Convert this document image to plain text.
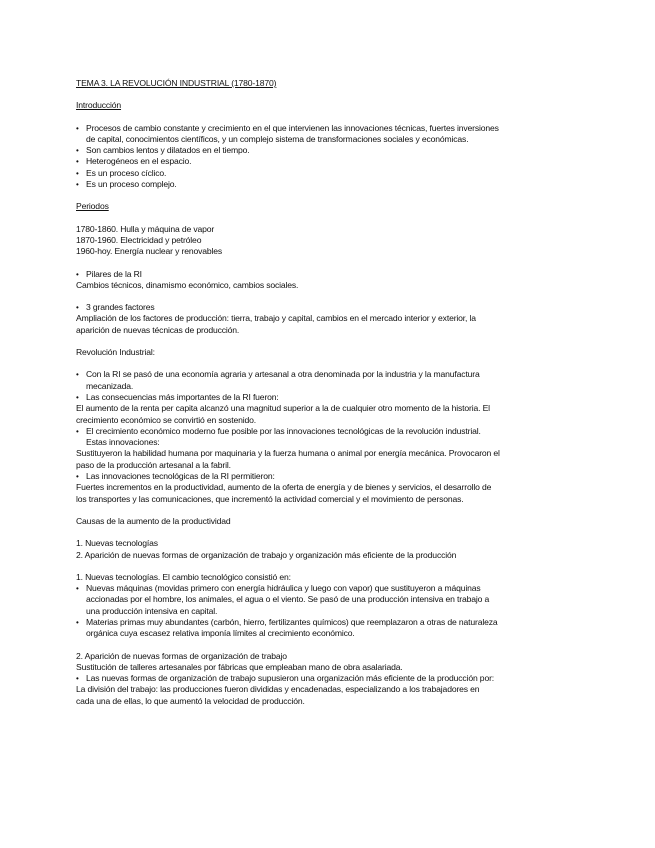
TEMA 3. LA REVOLUCIÓN INDUSTRIAL (1780-1870)
Introducción
• Procesos de cambio constante y crecimiento en el que intervienen las innovaciones técnicas, fuertes inversiones
de capital, conocimientos científicos, y un complejo sistema de transformaciones sociales y económicas.
• Son cambios lentos y dilatados en el tiempo.
• Heterogéneos en el espacio.
• Es un proceso cíclico.
• Es un proceso complejo.
Periodos
1780-1860. Hulla y máquina de vapor
1870-1960. Electricidad y petróleo
1960-hoy. Energía nuclear y renovables
• Pilares de la RI
Cambios técnicos, dinamismo económico, cambios sociales.
• 3 grandes factores
Ampliación de los factores de producción: tierra, trabajo y capital, cambios en el mercado interior y exterior, la
aparición de nuevas técnicas de producción.
Revolución Industrial:
• Con la RI se pasó de una economía agraria y artesanal a otra denominada por la industria y la manufactura
mecanizada.
• Las consecuencias más importantes de la RI fueron:
El aumento de la renta per capita alcanzó una magnitud superior a la de cualquier otro momento de la historia. El
crecimiento económico se convirtió en sostenido.
• El crecimiento económico moderno fue posible por las innovaciones tecnológicas de la revolución industrial.
Estas innovaciones:
Sustituyeron la habilidad humana por maquinaria y la fuerza humana o animal por energía mecánica. Provocaron el
paso de la producción artesanal a la fabril.
• Las innovaciones tecnológicas de la RI permitieron:
Fuertes incrementos en la productividad, aumento de la oferta de energía y de bienes y servicios, el desarrollo de
los transportes y las comunicaciones, que incrementó la actividad comercial y el movimiento de personas.
Causas de la aumento de la productividad
1. Nuevas tecnologías
2. Aparición de nuevas formas de organización de trabajo y organización más eficiente de la producción
1. Nuevas tecnologías. El cambio tecnológico consistió en:
• Nuevas máquinas (movidas primero con energía hidráulica y luego con vapor) que sustituyeron a máquinas
accionadas por el hombre, los animales, el agua o el viento. Se pasó de una producción intensiva en trabajo a
una producción intensiva en capital.
• Materias primas muy abundantes (carbón, hierro, fertilizantes químicos) que reemplazaron a otras de naturaleza
orgánica cuya escasez relativa imponía límites al crecimiento económico.
2. Aparición de nuevas formas de organización de trabajo
Sustitución de talleres artesanales por fábricas que empleaban mano de obra asalariada.
• Las nuevas formas de organización de trabajo supusieron una organización más eficiente de la producción por:
La división del trabajo: las producciones fueron divididas y encadenadas, especializando a los trabajadores en
cada una de ellas, lo que aumentó la velocidad de producción.
